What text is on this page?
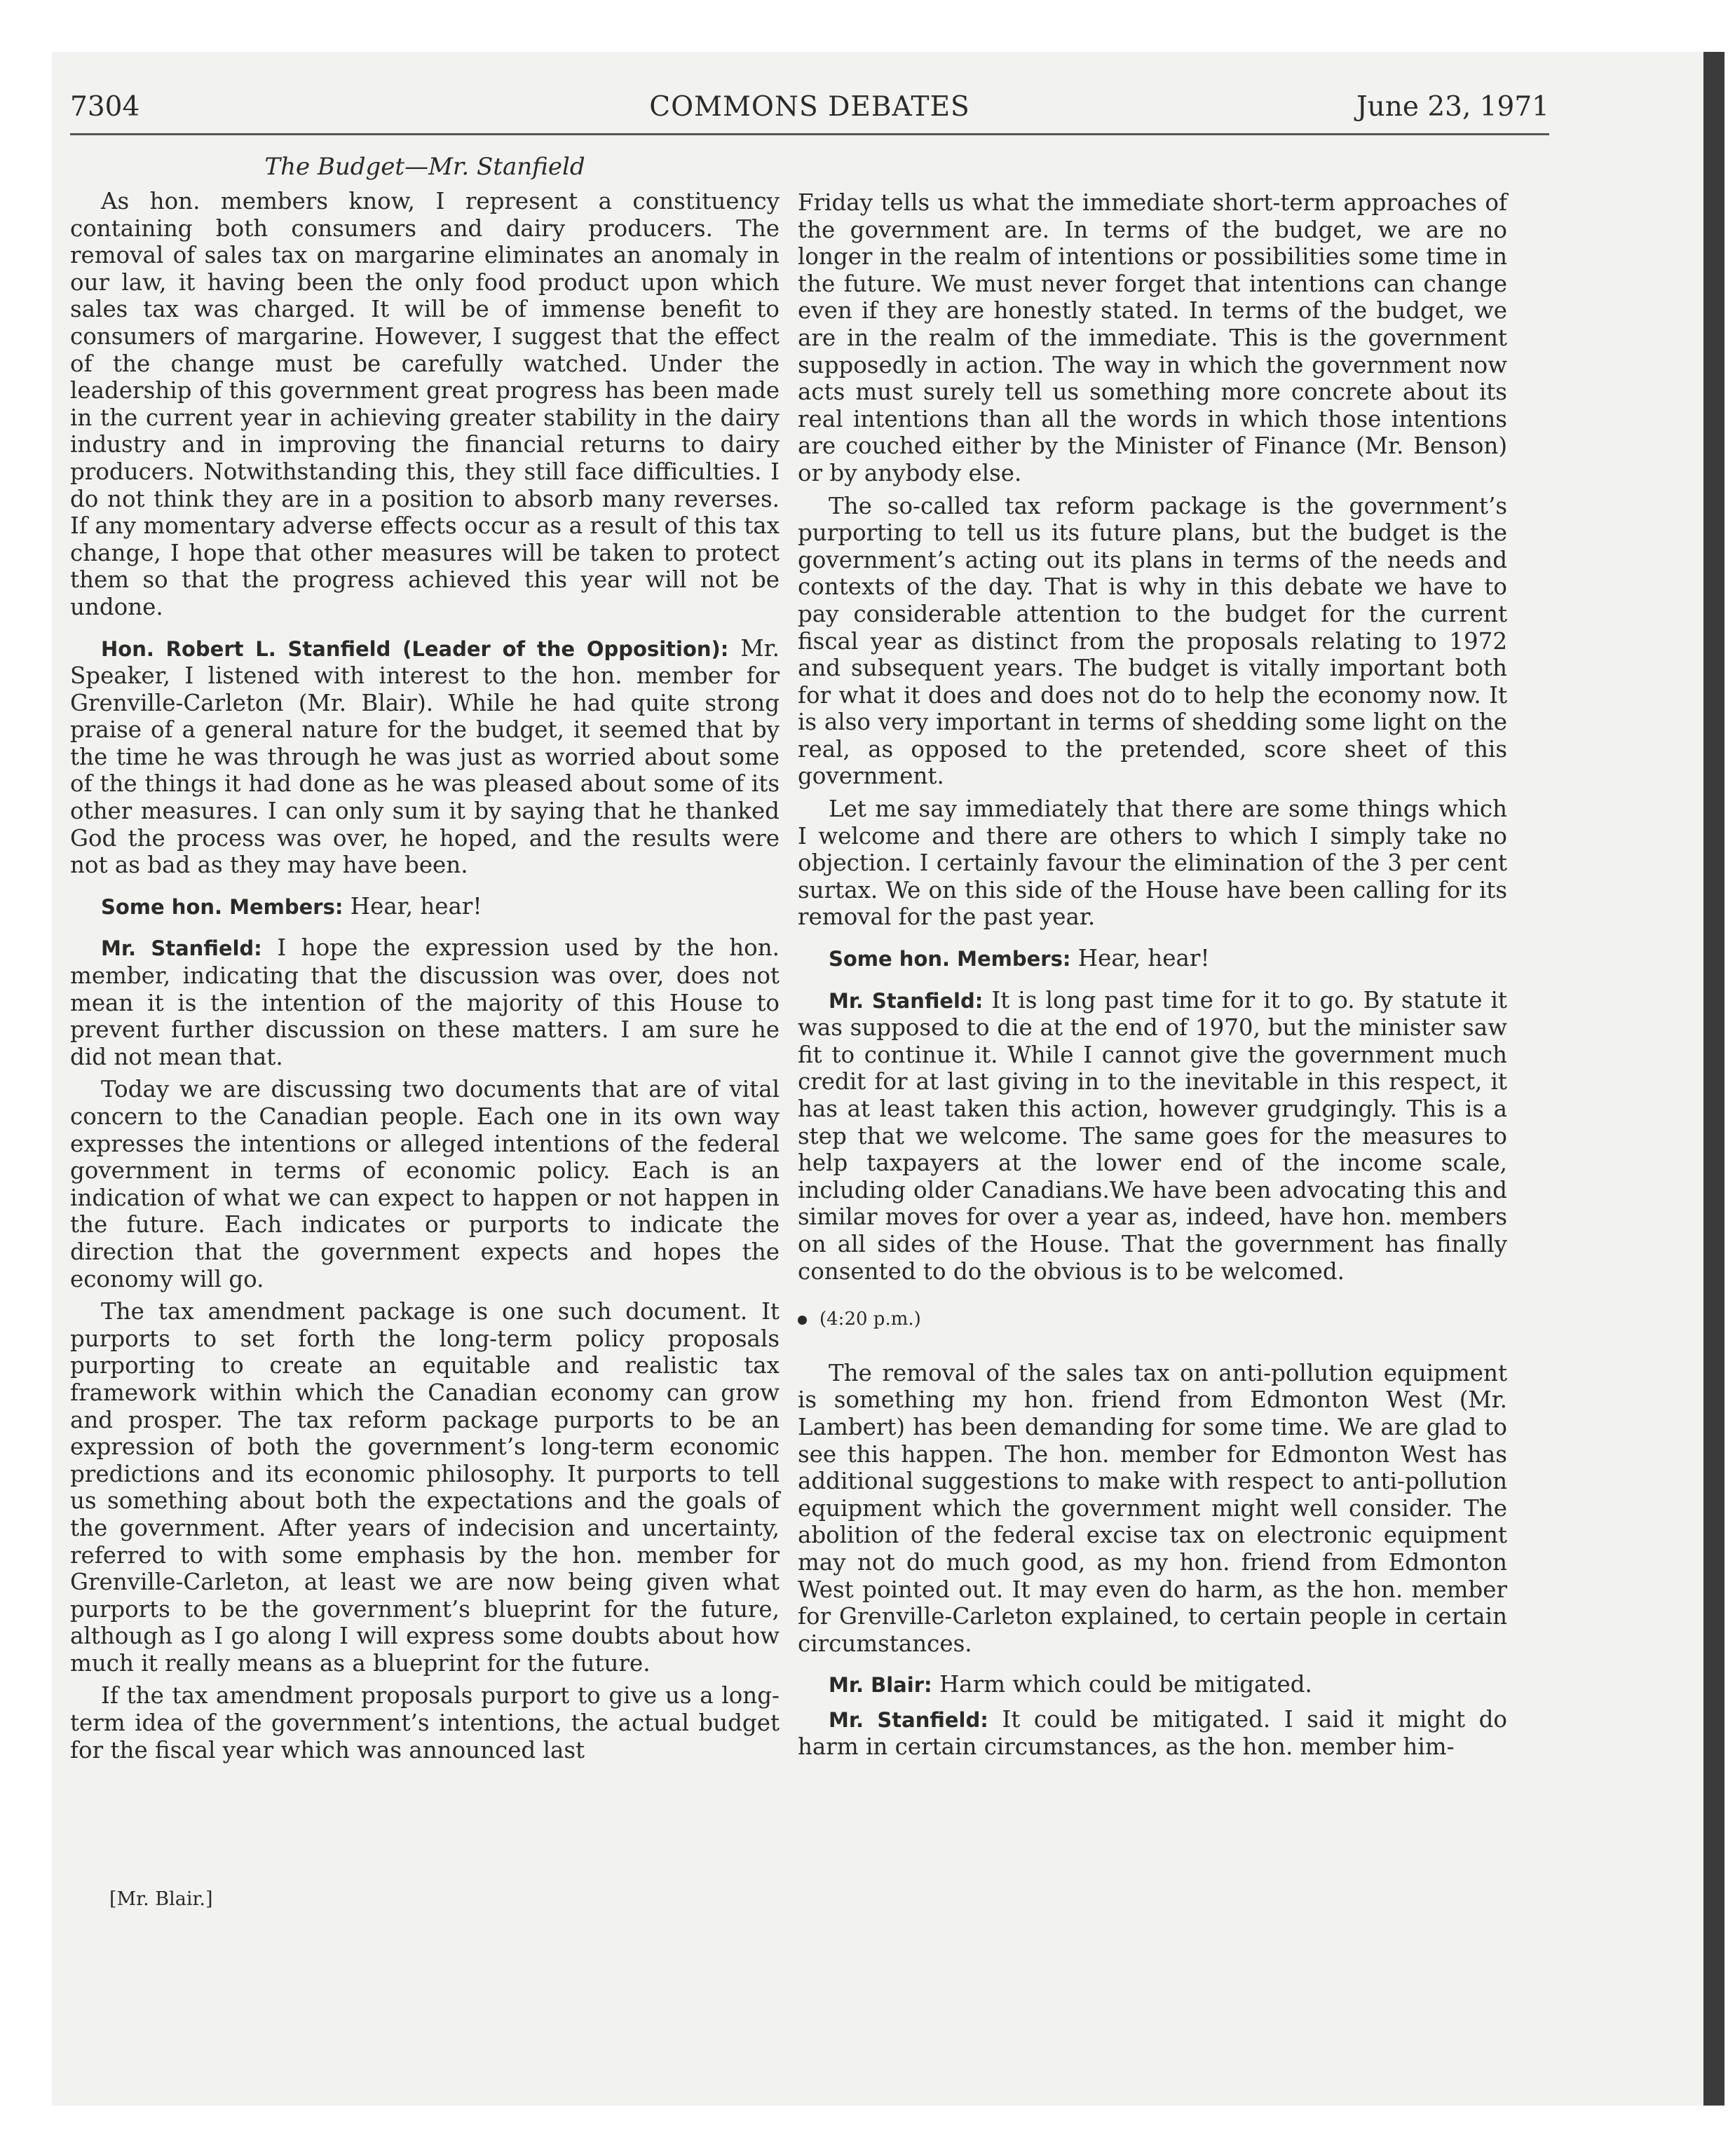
7304	COMMONS DEBATES	June 23, 1971
The Budget—Mr. Stanfield

As hon. members know, I represent a constituency containing both consumers and dairy producers. The removal of sales tax on margarine eliminates an anomaly in our law, it having been the only food product upon which sales tax was charged. It will be of immense benefit to consumers of margarine. However, I suggest that the effect of the change must be carefully watched. Under the leadership of this government great progress has been made in the current year in achieving greater stability in the dairy industry and in improving the financial returns to dairy producers. Notwithstanding this, they still face difficulties. I do not think they are in a position to absorb many reverses. If any momentary adverse effects occur as a result of this tax change, I hope that other measures will be taken to protect them so that the progress achieved this year will not be undone.

Hon. Robert L. Stanfield (Leader of the Opposition): Mr. Speaker, I listened with interest to the hon. member for Grenville-Carleton (Mr. Blair). While he had quite strong praise of a general nature for the budget, it seemed that by the time he was through he was just as worried about some of the things it had done as he was pleased about some of its other measures. I can only sum it by saying that he thanked God the process was over, he hoped, and the results were not as bad as they may have been.

Some hon. Members: Hear, hear!

Mr. Stanfield: I hope the expression used by the hon. member, indicating that the discussion was over, does not mean it is the intention of the majority of this House to prevent further discussion on these matters. I am sure he did not mean that.

Today we are discussing two documents that are of vital concern to the Canadian people. Each one in its own way expresses the intentions or alleged intentions of the federal government in terms of economic policy. Each is an indication of what we can expect to happen or not happen in the future. Each indicates or purports to indicate the direction that the government expects and hopes the economy will go.

The tax amendment package is one such document. It purports to set forth the long-term policy proposals purporting to create an equitable and realistic tax framework within which the Canadian economy can grow and prosper. The tax reform package purports to be an expression of both the government’s long-term economic predictions and its economic philosophy. It purports to tell us something about both the expectations and the goals of the government. After years of indecision and uncertainty, referred to with some emphasis by the hon. member for Grenville-Carleton, at least we are now being given what purports to be the government’s blueprint for the future, although as I go along I will express some doubts about how much it really means as a blueprint for the future.

If the tax amendment proposals purport to give us a long-term idea of the government’s intentions, the actual budget for the fiscal year which was announced last

[Mr. Blair.]

Friday tells us what the immediate short-term approaches of the government are. In terms of the budget, we are no longer in the realm of intentions or possibilities some time in the future. We must never forget that intentions can change even if they are honestly stated. In terms of the budget, we are in the realm of the immediate. This is the government supposedly in action. The way in which the government now acts must surely tell us something more concrete about its real intentions than all the words in which those intentions are couched either by the Minister of Finance (Mr. Benson) or by anybody else.

The so-called tax reform package is the government’s purporting to tell us its future plans, but the budget is the government’s acting out its plans in terms of the needs and contexts of the day. That is why in this debate we have to pay considerable attention to the budget for the current fiscal year as distinct from the proposals relating to 1972 and subsequent years. The budget is vitally important both for what it does and does not do to help the economy now. It is also very important in terms of shedding some light on the real, as opposed to the pretended, score sheet of this government.

Let me say immediately that there are some things which I welcome and there are others to which I simply take no objection. I certainly favour the elimination of the 3 per cent surtax. We on this side of the House have been calling for its removal for the past year.

Some hon. Members: Hear, hear!

Mr. Stanfield: It is long past time for it to go. By statute it was supposed to die at the end of 1970, but the minister saw fit to continue it. While I cannot give the government much credit for at last giving in to the inevitable in this respect, it has at least taken this action, however grudgingly. This is a step that we welcome. The same goes for the measures to help taxpayers at the lower end of the income scale, including older Canadians.We have been advocating this and similar moves for over a year as, indeed, have hon. members on all sides of the House. That the government has finally consented to do the obvious is to be welcomed.

(4:20 p.m.)

The removal of the sales tax on anti-pollution equipment is something my hon. friend from Edmonton West (Mr. Lambert) has been demanding for some time. We are glad to see this happen. The hon. member for Edmonton West has additional suggestions to make with respect to anti-pollution equipment which the government might well consider. The abolition of the federal excise tax on electronic equipment may not do much good, as my hon. friend from Edmonton West pointed out. It may even do harm, as the hon. member for Grenville-Carleton explained, to certain people in certain circumstances.

Mr. Blair: Harm which could be mitigated.

Mr. Stanfield: It could be mitigated. I said it might do harm in certain circumstances, as the hon. member him-
